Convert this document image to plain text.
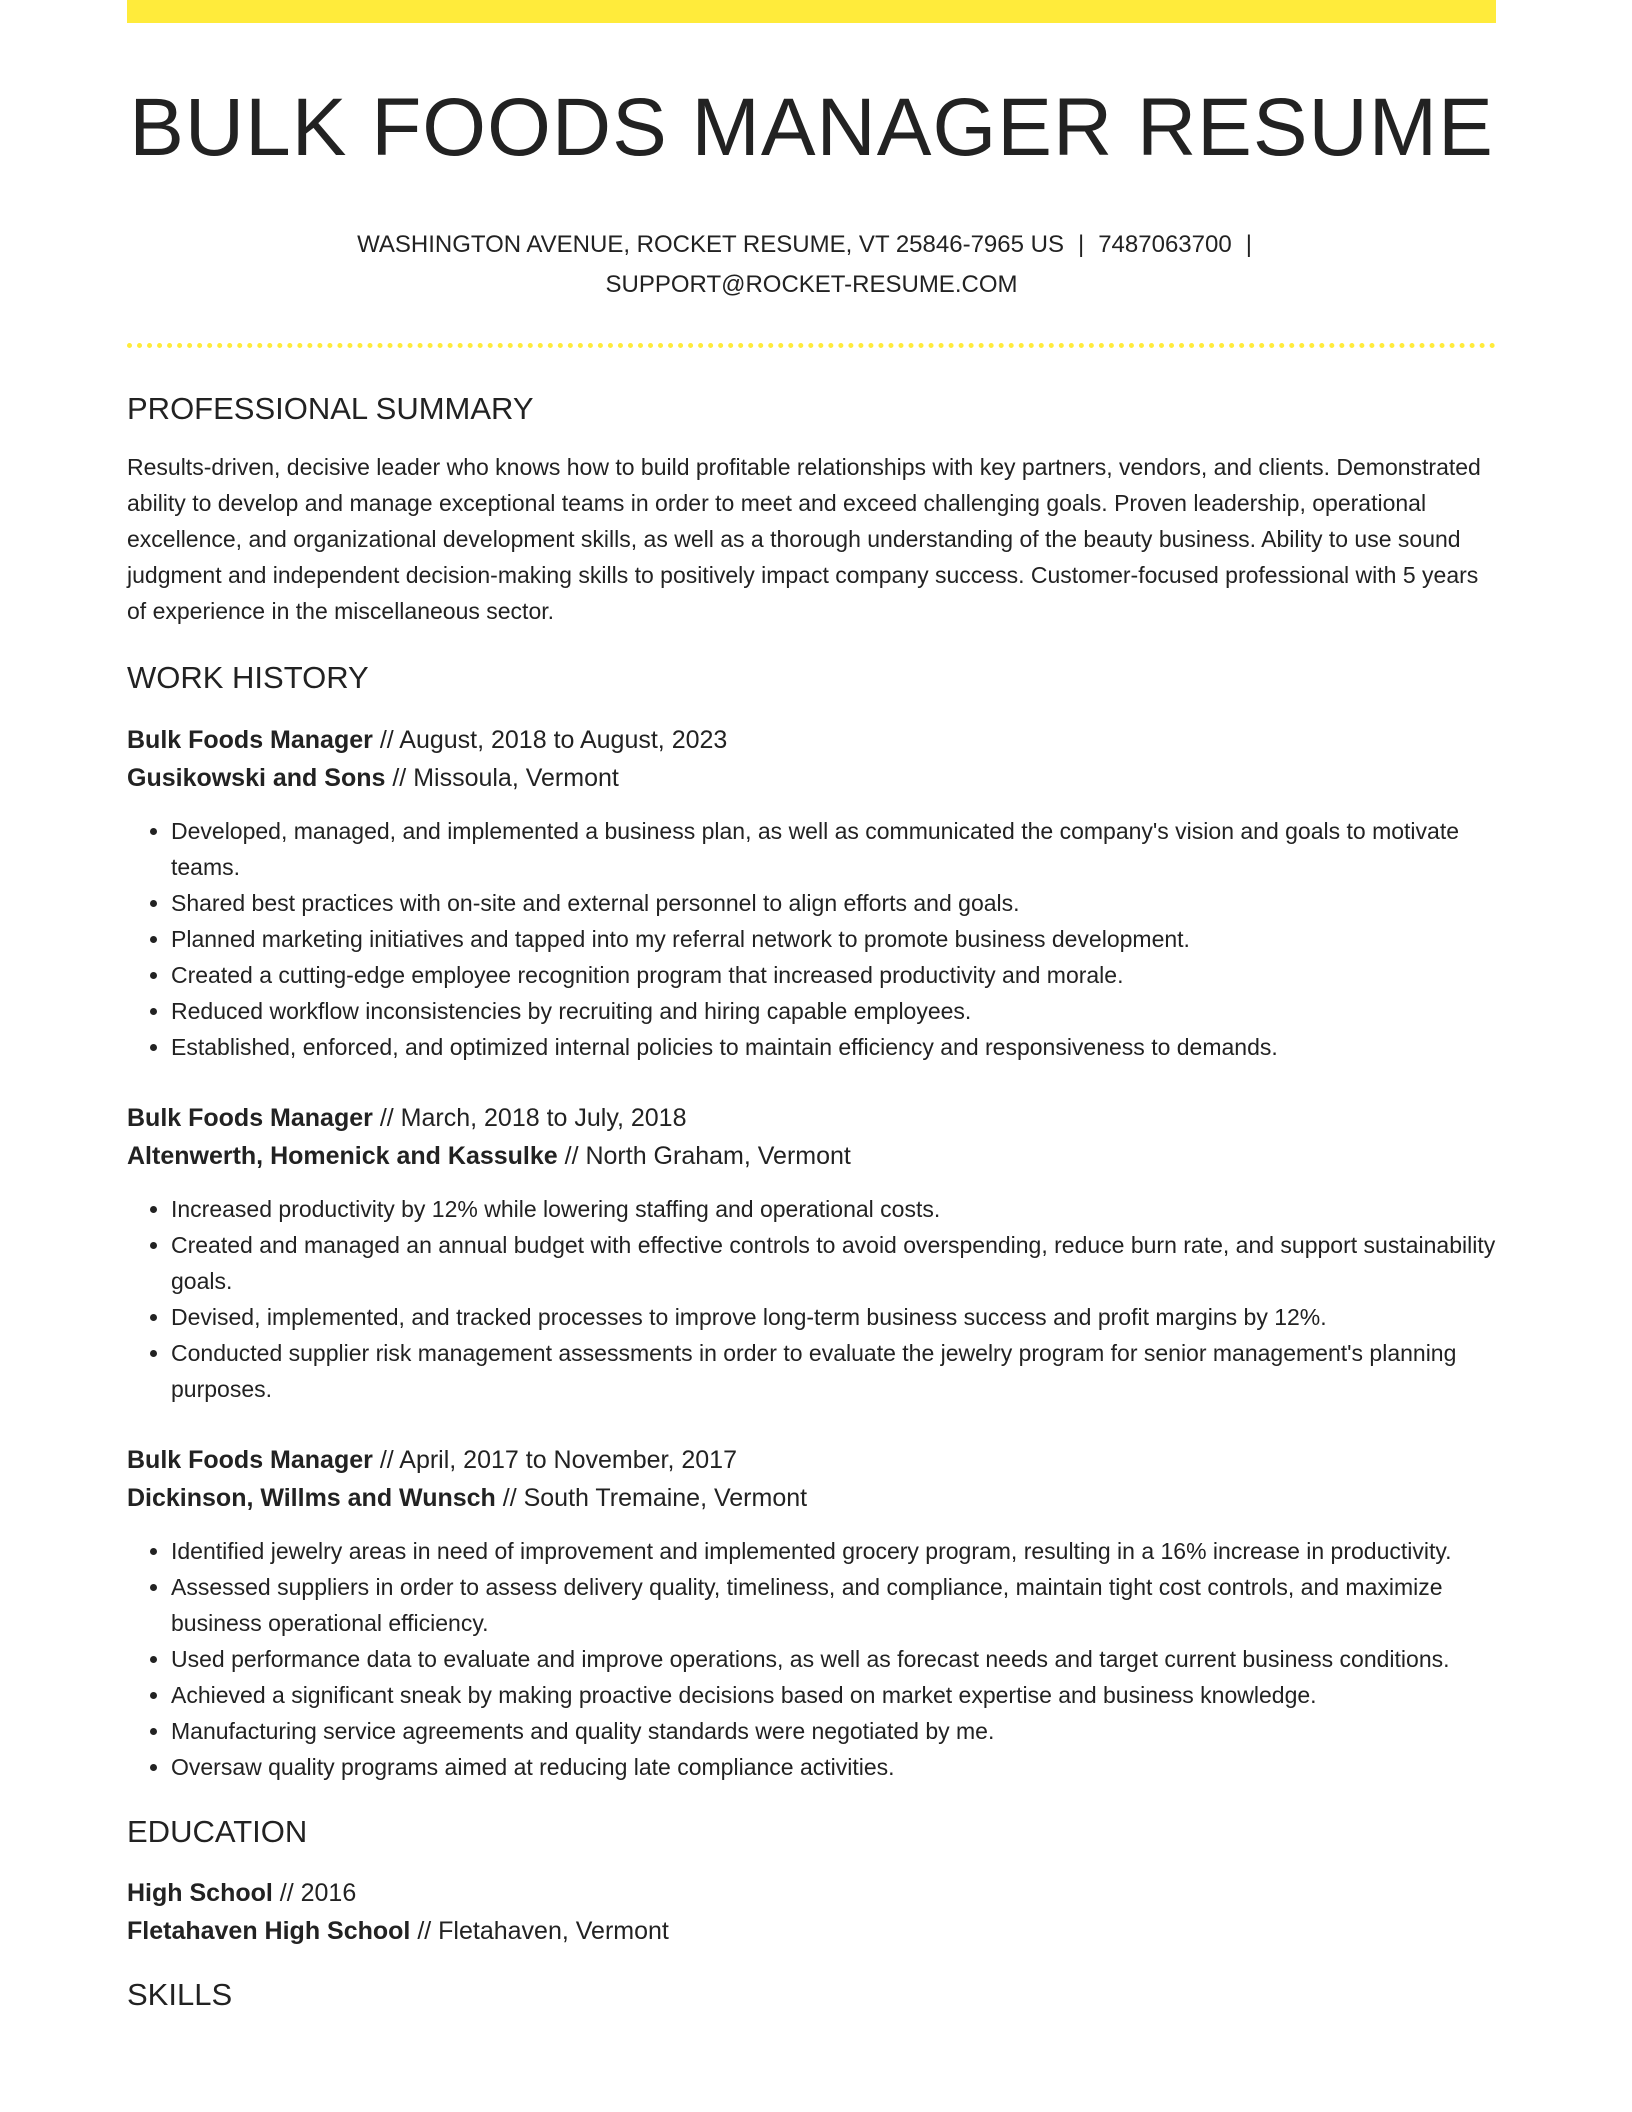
BULK FOODS MANAGER RESUME
WASHINGTON AVENUE, ROCKET RESUME, VT 25846-7965 US | 7487063700 |
SUPPORT@ROCKET-RESUME.COM
PROFESSIONAL SUMMARY

Results-driven, decisive leader who knows how to build profitable relationships with key partners, vendors, and clients. Demonstrated ability to develop and manage exceptional teams in order to meet and exceed challenging goals. Proven leadership, operational excellence, and organizational development skills, as well as a thorough understanding of the beauty business. Ability to use sound judgment and independent decision-making skills to positively impact company success. Customer-focused professional with 5 years of experience in the miscellaneous sector.

WORK HISTORY
Bulk Foods Manager // August, 2018 to August, 2023
Gusikowski and Sons // Missoula, Vermont
• Developed, managed, and implemented a business plan, as well as communicated the company's vision and goals to motivate teams.
• Shared best practices with on-site and external personnel to align efforts and goals.
• Planned marketing initiatives and tapped into my referral network to promote business development.
• Created a cutting-edge employee recognition program that increased productivity and morale.
• Reduced workflow inconsistencies by recruiting and hiring capable employees.
• Established, enforced, and optimized internal policies to maintain efficiency and responsiveness to demands.
Bulk Foods Manager // March, 2018 to July, 2018
Altenwerth, Homenick and Kassulke // North Graham, Vermont
• Increased productivity by 12% while lowering staffing and operational costs.
• Created and managed an annual budget with effective controls to avoid overspending, reduce burn rate, and support sustainability goals.
• Devised, implemented, and tracked processes to improve long-term business success and profit margins by 12%.
• Conducted supplier risk management assessments in order to evaluate the jewelry program for senior management's planning purposes.
Bulk Foods Manager // April, 2017 to November, 2017
Dickinson, Willms and Wunsch // South Tremaine, Vermont
• Identified jewelry areas in need of improvement and implemented grocery program, resulting in a 16% increase in productivity.
• Assessed suppliers in order to assess delivery quality, timeliness, and compliance, maintain tight cost controls, and maximize business operational efficiency.
• Used performance data to evaluate and improve operations, as well as forecast needs and target current business conditions.
• Achieved a significant sneak by making proactive decisions based on market expertise and business knowledge.
• Manufacturing service agreements and quality standards were negotiated by me.
• Oversaw quality programs aimed at reducing late compliance activities.
EDUCATION
High School // 2016
Fletahaven High School // Fletahaven, Vermont
SKILLS
